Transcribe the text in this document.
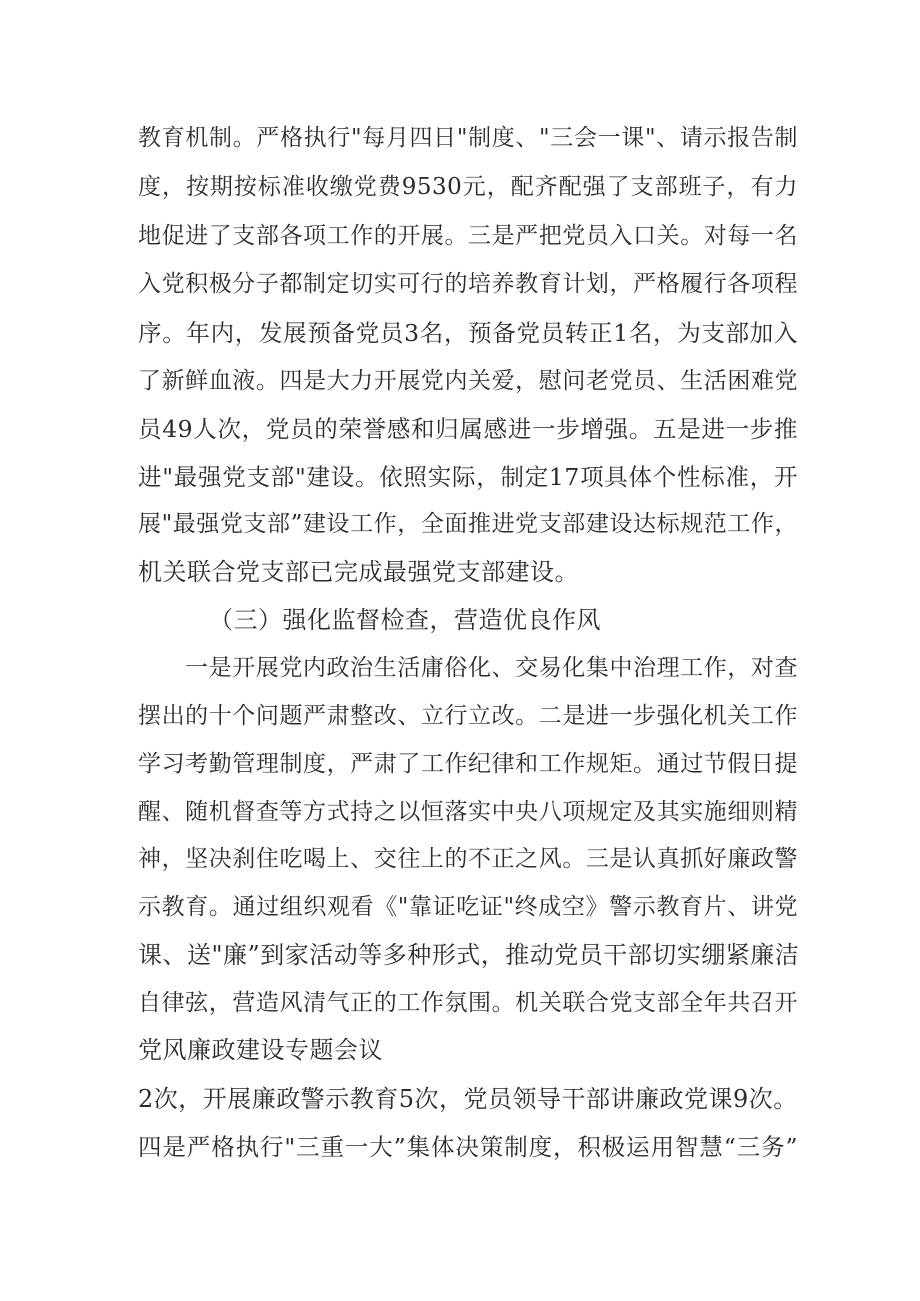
教育机制。严格执行"每月四日"制度、"三会一课"、请示报告制
度，按期按标准收缴党费9530元，配齐配强了支部班子，有力
地促进了支部各项工作的开展。三是严把党员入口关。对每一名
入党积极分子都制定切实可行的培养教育计划，严格履行各项程
序。年内，发展预备党员3名，预备党员转正1名，为支部加入
了新鲜血液。四是大力开展党内关爱，慰问老党员、生活困难党
员49人次，党员的荣誉感和归属感进一步增强。五是进一步推
进"最强党支部"建设。依照实际，制定17项具体个性标准，开
展"最强党支部”建设工作，全面推进党支部建设达标规范工作，
机关联合党支部已完成最强党支部建设。
（三）强化监督检查，营造优良作风
一是开展党内政治生活庸俗化、交易化集中治理工作，对查
摆出的十个问题严肃整改、立行立改。二是进一步强化机关工作
学习考勤管理制度，严肃了工作纪律和工作规矩。通过节假日提
醒、随机督查等方式持之以恒落实中央八项规定及其实施细则精
神，坚决刹住吃喝上、交往上的不正之风。三是认真抓好廉政警
示教育。通过组织观看《"靠证吃证"终成空》警示教育片、讲党
课、送"廉”到家活动等多种形式，推动党员干部切实绷紧廉洁
自律弦，营造风清气正的工作氛围。机关联合党支部全年共召开
党风廉政建设专题会议
2次，开展廉政警示教育5次，党员领导干部讲廉政党课9次。
四是严格执行"三重一大”集体决策制度，积极运用智慧“三务”
